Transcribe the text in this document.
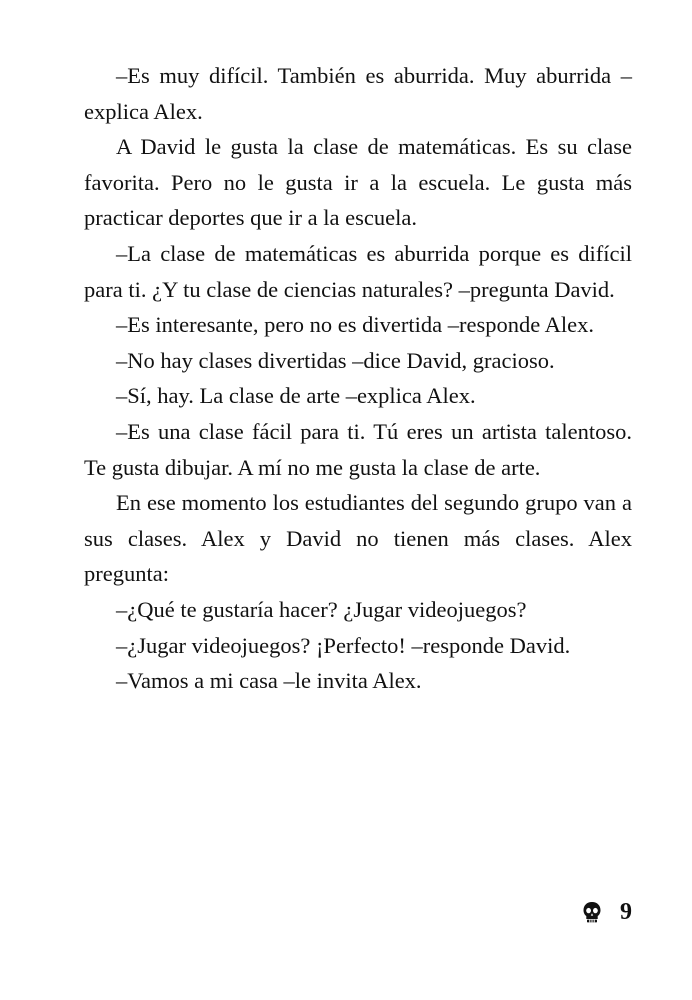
–Es muy difícil. También es aburrida. Muy aburrida –explica Alex.

A David le gusta la clase de matemáticas. Es su clase favorita. Pero no le gusta ir a la escuela. Le gusta más practicar deportes que ir a la escuela.

–La clase de matemáticas es aburrida porque es difícil para ti. ¿Y tu clase de ciencias naturales? –pregunta David.

–Es interesante, pero no es divertida –responde Alex.

–No hay clases divertidas –dice David, gracioso.

–Sí, hay. La clase de arte –explica Alex.

–Es una clase fácil para ti. Tú eres un artista talentoso. Te gusta dibujar. A mí no me gusta la clase de arte.

En ese momento los estudiantes del segundo grupo van a sus clases. Alex y David no tienen más clases. Alex pregunta:

–¿Qué te gustaría hacer? ¿Jugar videojuegos?

–¿Jugar videojuegos? ¡Perfecto! –responde David.

–Vamos a mi casa –le invita Alex.

9
